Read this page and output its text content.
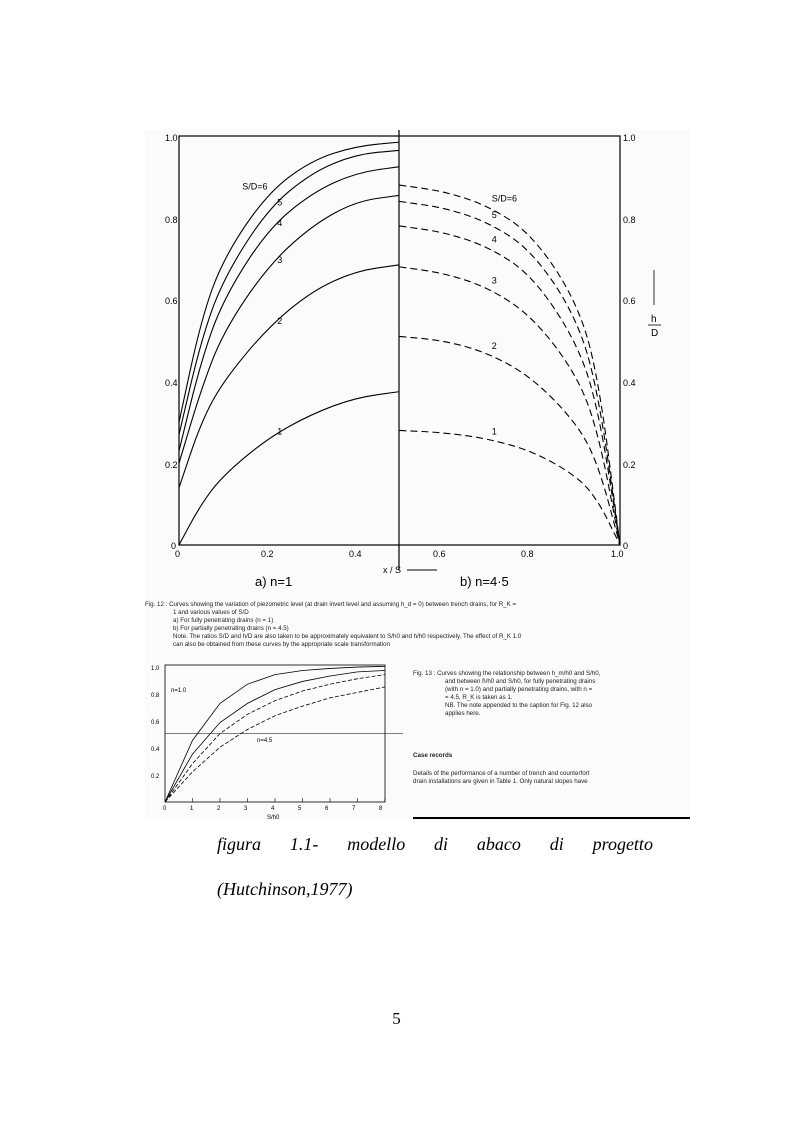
S/D=6
5
4
3
2
1
S/D=6
5
4
3
2
1
1.0
0.8
0.6
0.4
0.2
0
1.0
0.8
0.6
0.4
0.2
0
h
D
0	0.2	0.4	0.6	0.8	1.0
x / S
a) n=1	b) n=4·5
Fig. 12 : Curves showing the variation of piezometric level (at drain invert level and assuming h_d = 0) between trench drains, for R_K =
1 and various values of S/D
a) For fully penetrating drains (n = 1)
b) For partially penetrating drains (n = 4.5)
Note. The ratios S/D and h/D are also taken to be approximately equivalent to S/h0 and h/h0 respectively. The effect of R_K 1.0
can also be obtained from these curves by the appropriate scale transformation
1.0
0.8
0.6
0.4
0.2
0	1	2	3	4	5	6	7	8
S/h0
n=1.0
n=4.5
Fig. 13 : Curves showing the relationship between h_m/h0 and S/h0,
and between h̄/h0 and S/h0, for fully penetrating drains
(with n = 1.0) and partially penetrating drains, with n =
= 4.5, R_K is taken as 1.
NB. The note appended to the caption for Fig. 12 also
applies here.
Case records
Details of the performance of a number of trench and counterfort
drain installations are given in Table 1. Only natural slopes have
figura 1.1- modello di abaco di progetto
(Hutchinson,1977)
5
